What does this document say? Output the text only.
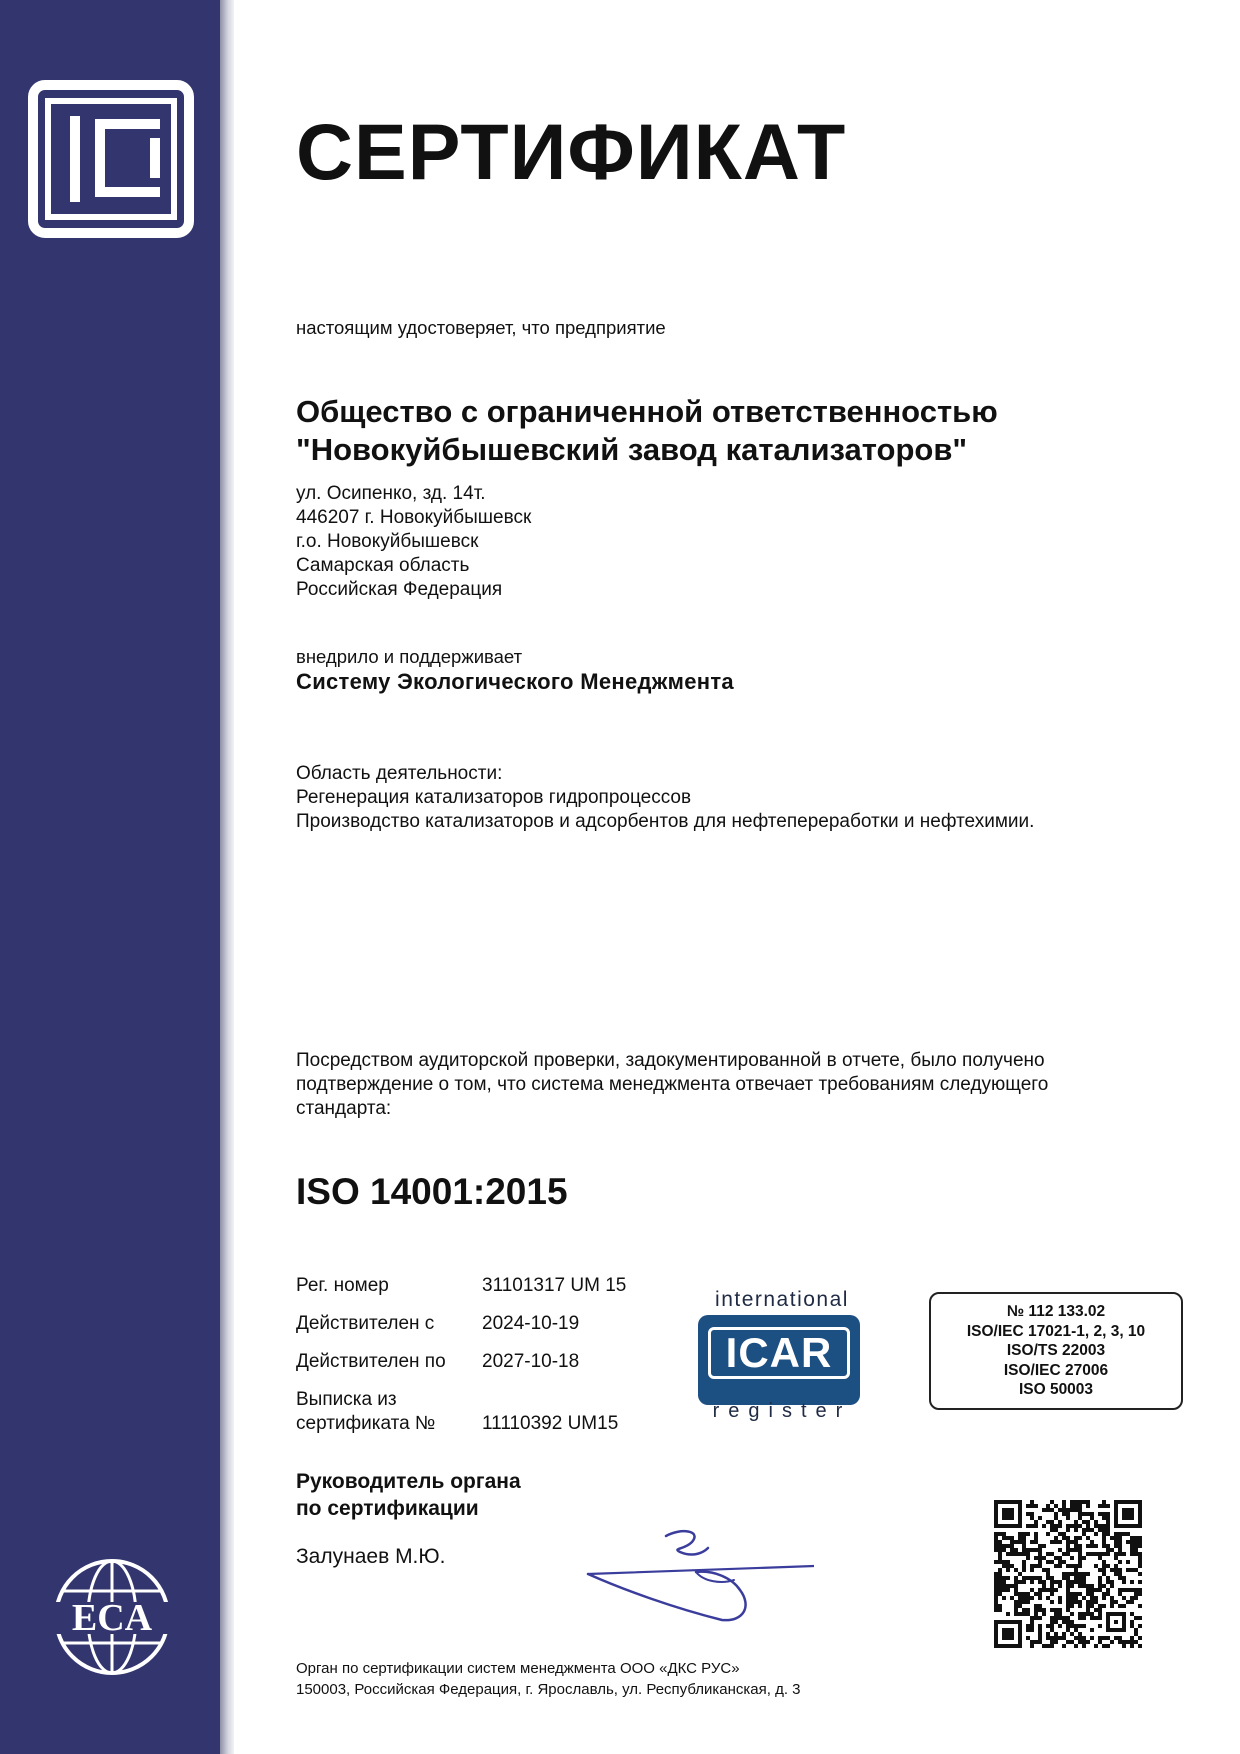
ECA
СЕРТИФИКАТ

настоящим удостоверяет, что предприятие

Общество с ограниченной ответственностью
"Новокуйбышевский завод катализаторов"
ул. Осипенко, зд. 14т.
446207 г. Новокуйбышевск
г.о. Новокуйбышевск
Самарская область
Российская Федерация

внедрило и поддерживает

Систему Экологического Менеджмента

Область деятельности:
Регенерация катализаторов гидропроцессов
Производство катализаторов и адсорбентов для нефтепереработки и нефтехимии.
Посредством аудиторской проверки, задокументированной в отчете, было получено
подтверждение о том, что система менеджмента отвечает требованиям следующего
стандарта:
ISO 14001:2015
Рег. номер	31101317 UM 15
Действителен с	2024-10-19
Действителен по 2027-10-18
Выписка из
сертификата № 11110392 UM15
international
ICAR
register
№ 112 133.02
ISO/IEC 17021-1, 2, 3, 10
ISO/TS 22003
ISO/IEC 27006
ISO 50003
Руководитель органа
по сертификации
Залунаев М.Ю.
Орган по сертификации систем менеджмента ООО «ДКС РУС»
150003, Российская Федерация, г. Ярославль, ул. Республиканская, д. 3
